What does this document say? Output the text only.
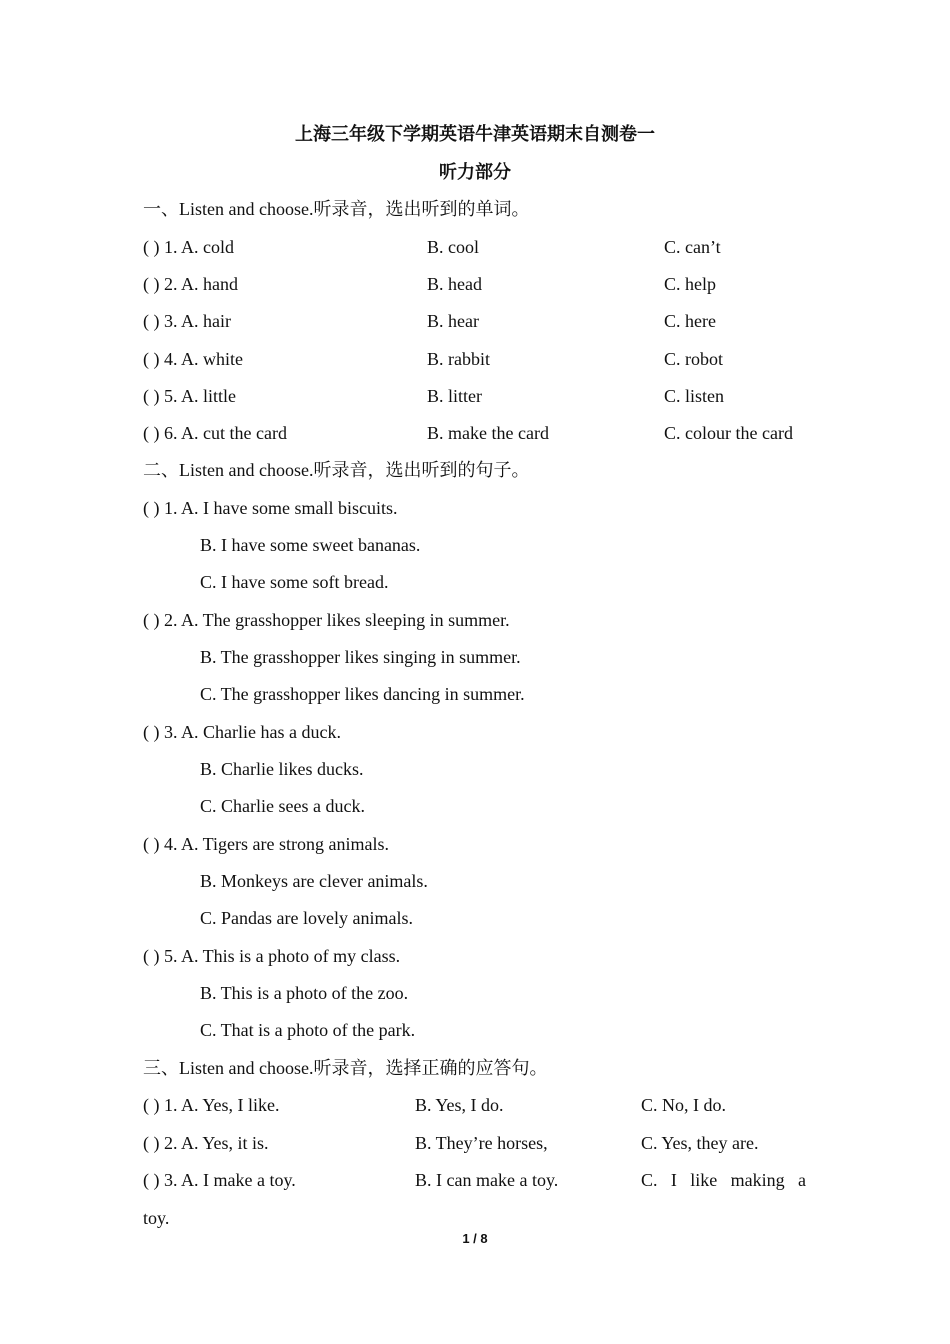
上海三年级下学期英语牛津英语期末自测卷一
听力部分
一、Listen and choose.听录音，选出听到的单词。
( ) 1. A. cold	B. cool	C. can’t
( ) 2. A. hand	B. head	C. help
( ) 3. A. hair	B. hear	C. here
( ) 4. A. white	B. rabbit	C. robot
( ) 5. A. little	B. litter	C. listen
( ) 6. A. cut the card	B. make the card	C. colour the card
二、Listen and choose.听录音，选出听到的句子。
( ) 1. A. I have some small biscuits.
B. I have some sweet bananas.
C. I have some soft bread.
( ) 2. A. The grasshopper likes sleeping in summer.
B. The grasshopper likes singing in summer.
C. The grasshopper likes dancing in summer.
( ) 3. A. Charlie has a duck.
B. Charlie likes ducks.
C. Charlie sees a duck.
( ) 4. A. Tigers are strong animals.
B. Monkeys are clever animals.
C. Pandas are lovely animals.
( ) 5. A. This is a photo of my class.
B. This is a photo of the zoo.
C. That is a photo of the park.
三、Listen and choose.听录音，选择正确的应答句。
( ) 1. A. Yes, I like.	B. Yes, I do.	C. No, I do.
( ) 2. A. Yes, it is.	B. They’re horses,	C. Yes, they are.
( ) 3. A. I make a toy.	B. I can make a toy.	C. I like making a
toy.
1 / 8
